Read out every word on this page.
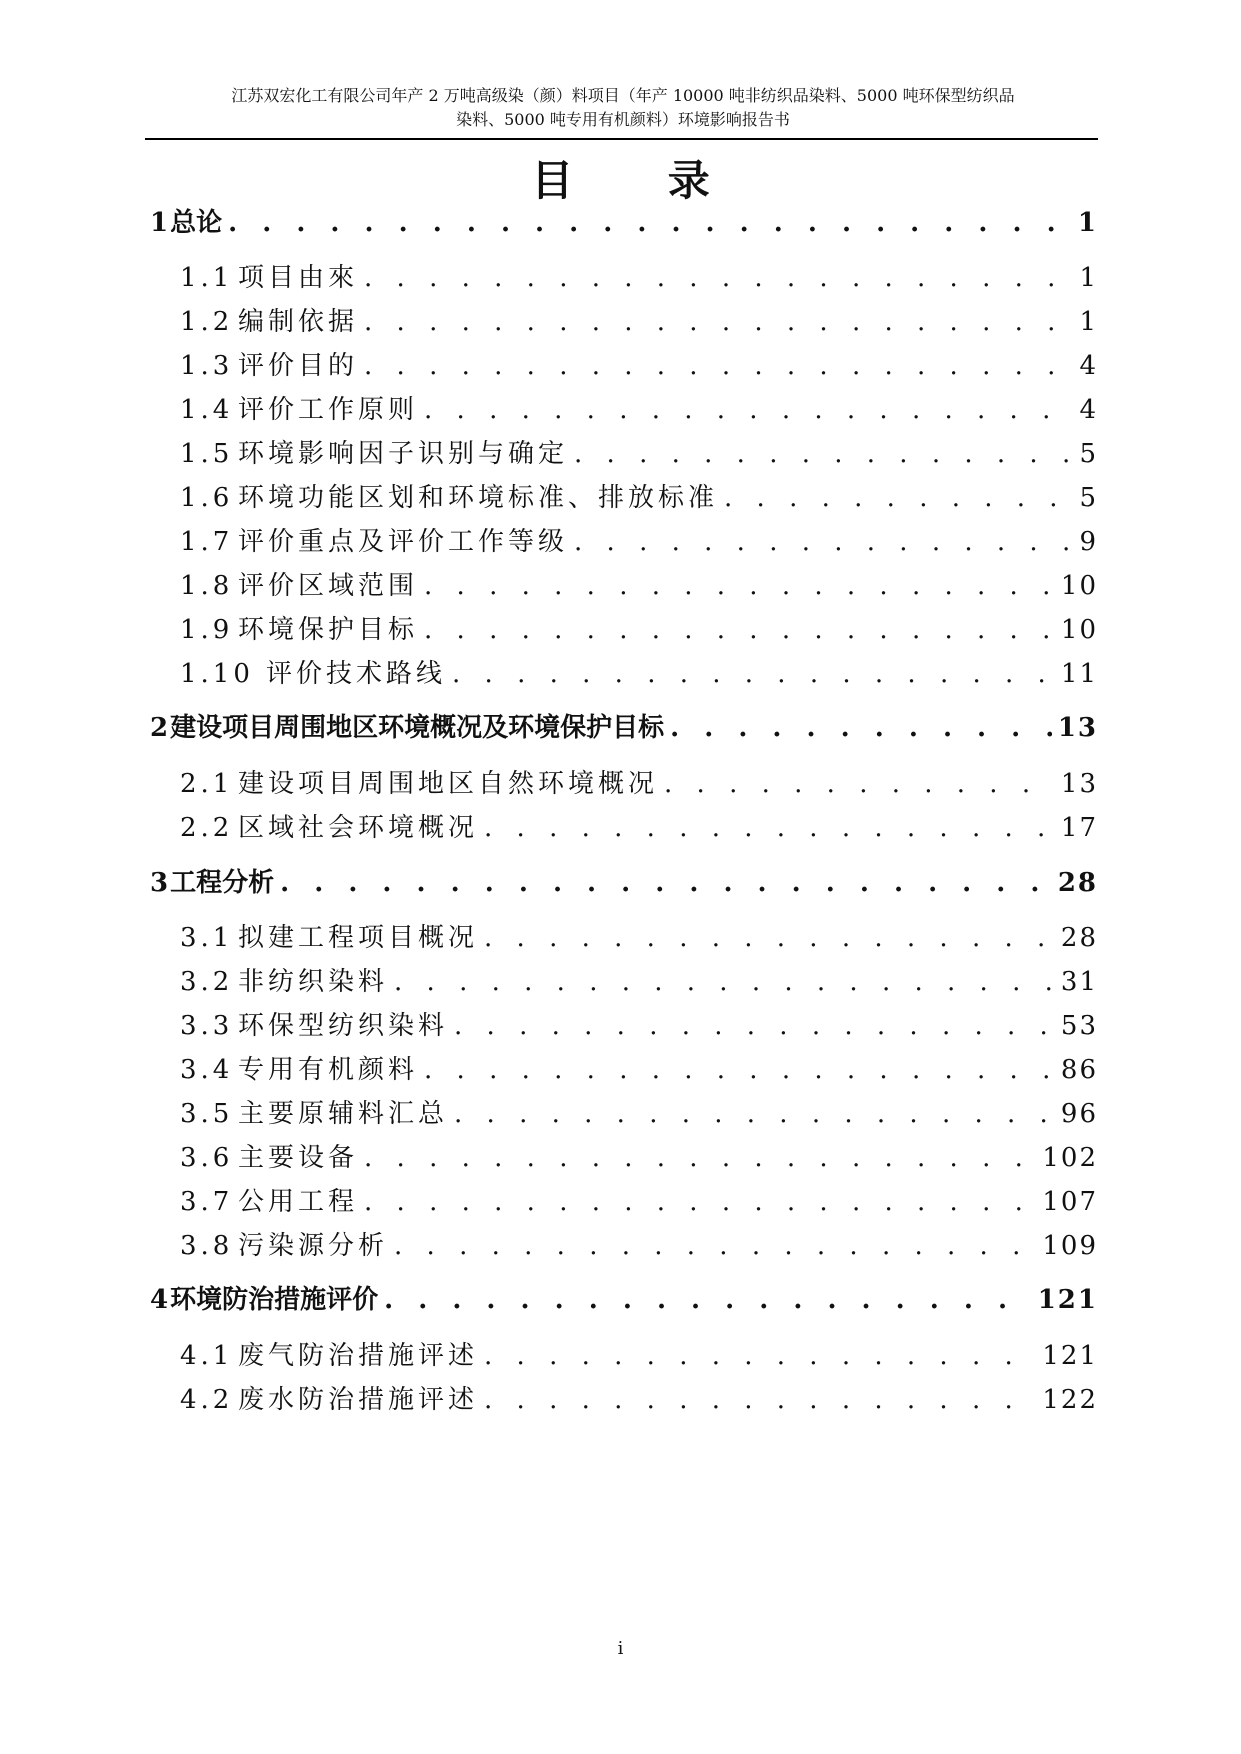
江苏双宏化工有限公司年产 2 万吨高级染（颜）料项目（年产 10000 吨非纺织品染料、5000 吨环保型纺织品
染料、5000 吨专用有机颜料）环境影响报告书
目 录
1 总论 . . .	1
1.1 项目由來 . . .	1
1.2 编制依据 . . .	1
1.3 评价目的 . . .	4
1.4 评价工作原则 . . .	4
1.5 环境影响因子识别与确定 . . .	5
1.6 环境功能区划和环境标准、排放标准 . . .	5
1.7 评价重点及评价工作等级 . . .	9
1.8 评价区域范围 . . .	10
1.9 环境保护目标 . . .	10
1.10 评价技术路线 . . .	11
2 建设项目周围地区环境概况及环境保护目标 . . .	13
2.1 建设项目周围地区自然环境概况 . . .	13
2.2 区域社会环境概况 . . .	17
3 工程分析 . . .	28
3.1 拟建工程项目概况 . . .	28
3.2 非纺织染料 . . .	31
3.3 环保型纺织染料 . . .	53
3.4 专用有机颜料 . . .	86
3.5 主要原辅料汇总 . . .	96
3.6 主要设备 . . .	102
3.7 公用工程 . . .	107
3.8 污染源分析 . . .	109
4 环境防治措施评价 . . .	121
4.1 废气防治措施评述 . . .	121
4.2 废水防治措施评述 . . .	122
i
